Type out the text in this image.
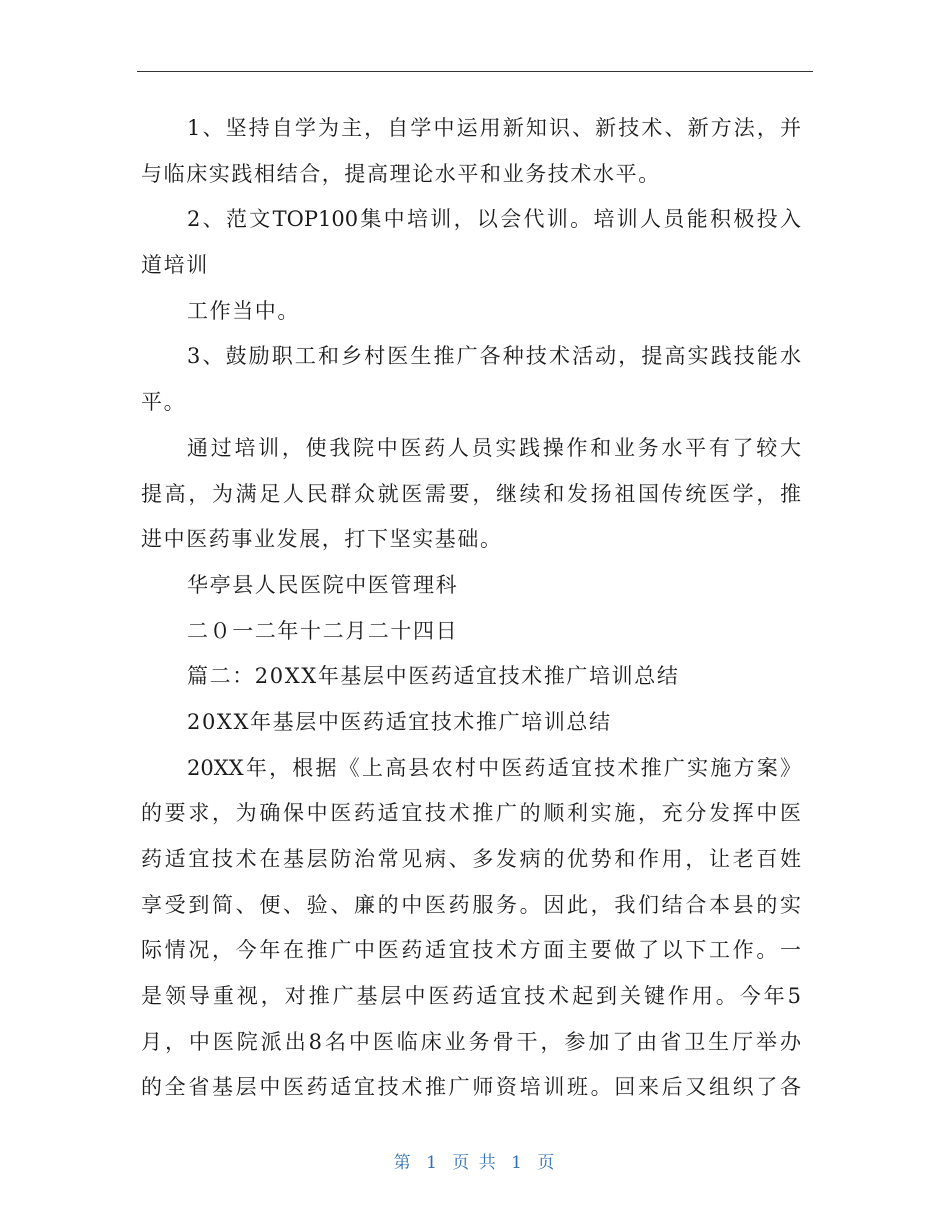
1、坚持自学为主，自学中运用新知识、新技术、新方法，并
与临床实践相结合，提高理论水平和业务技术水平。
2、范文TOP100集中培训，以会代训。培训人员能积极投入
道培训
工作当中。
3、鼓励职工和乡村医生推广各种技术活动，提高实践技能水
平。
通过培训，使我院中医药人员实践操作和业务水平有了较大
提高，为满足人民群众就医需要，继续和发扬祖国传统医学，推
进中医药事业发展，打下坚实基础。
华亭县人民医院中医管理科
二０一二年十二月二十四日
篇二：20XX年基层中医药适宜技术推广培训总结
20XX年基层中医药适宜技术推广培训总结
20XX年，根据《上高县农村中医药适宜技术推广实施方案》
的要求，为确保中医药适宜技术推广的顺利实施，充分发挥中医
药适宜技术在基层防治常见病、多发病的优势和作用，让老百姓
享受到简、便、验、廉的中医药服务。因此，我们结合本县的实
际情况，今年在推广中医药适宜技术方面主要做了以下工作。一
是领导重视，对推广基层中医药适宜技术起到关键作用。今年5
月，中医院派出8名中医临床业务骨干，参加了由省卫生厅举办
的全省基层中医药适宜技术推广师资培训班。回来后又组织了各
第 1 页 共 1 页
